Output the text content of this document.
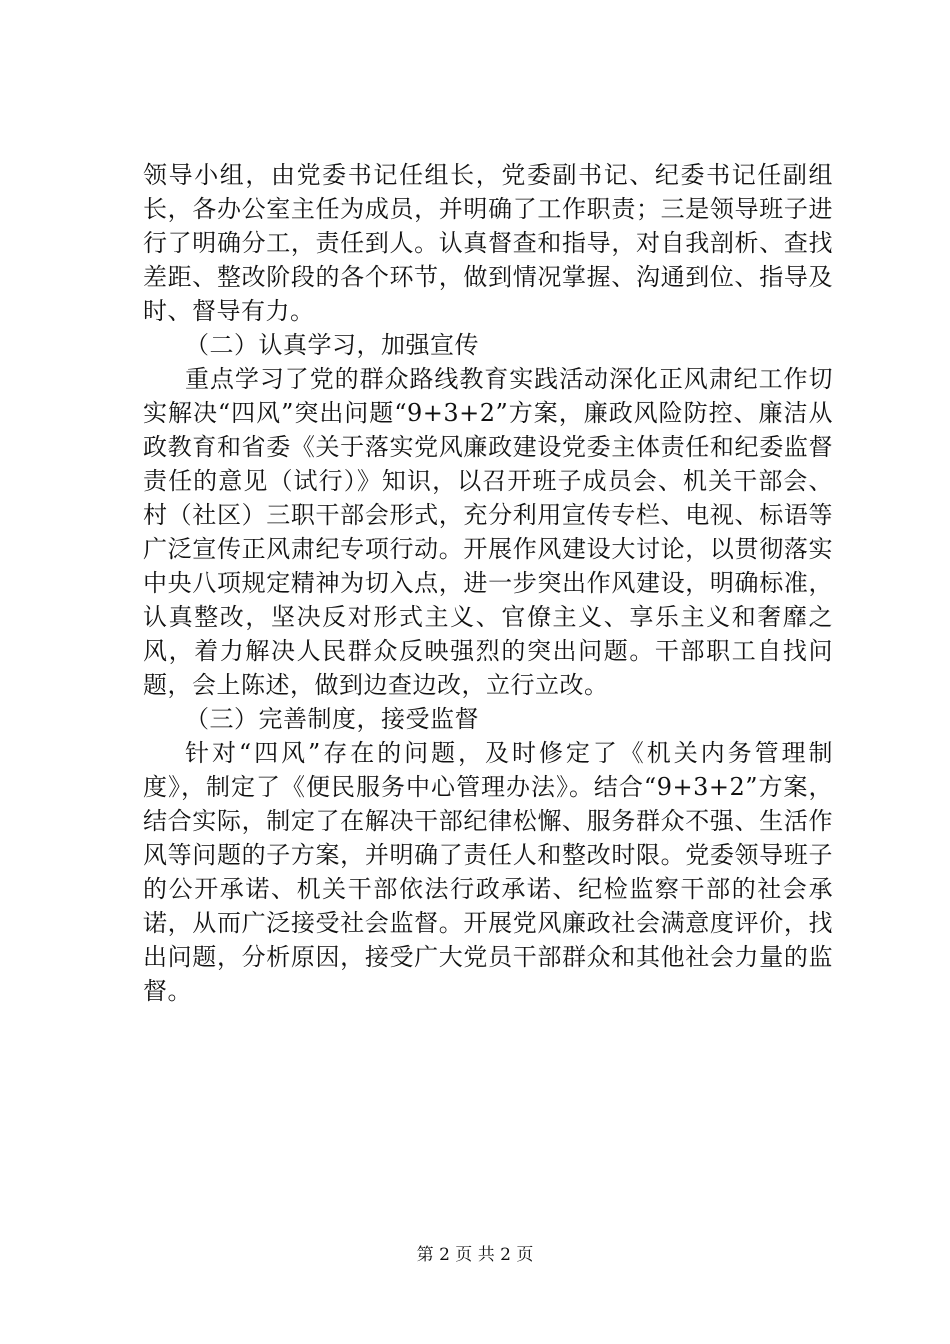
领导小组，由党委书记任组长，党委副书记、纪委书记任副组长，各办公室主任为成员，并明确了工作职责；三是领导班子进行了明确分工，责任到人。认真督查和指导，对自我剖析、查找差距、整改阶段的各个环节，做到情况掌握、沟通到位、指导及时、督导有力。

（二）认真学习，加强宣传

重点学习了党的群众路线教育实践活动深化正风肃纪工作切实解决“四风”突出问题“9+3+2”方案，廉政风险防控、廉洁从政教育和省委《关于落实党风廉政建设党委主体责任和纪委监督责任的意见（试行）》知识，以召开班子成员会、机关干部会、村（社区）三职干部会形式，充分利用宣传专栏、电视、标语等广泛宣传正风肃纪专项行动。开展作风建设大讨论，以贯彻落实中央八项规定精神为切入点，进一步突出作风建设，明确标准，认真整改，坚决反对形式主义、官僚主义、享乐主义和奢靡之风，着力解决人民群众反映强烈的突出问题。干部职工自找问题，会上陈述，做到边查边改，立行立改。

（三）完善制度，接受监督

针对“四风”存在的问题，及时修定了《机关内务管理制度》，制定了《便民服务中心管理办法》。结合“9+3+2”方案，结合实际，制定了在解决干部纪律松懈、服务群众不强、生活作风等问题的子方案，并明确了责任人和整改时限。党委领导班子的公开承诺、机关干部依法行政承诺、纪检监察干部的社会承诺，从而广泛接受社会监督。开展党风廉政社会满意度评价，找出问题，分析原因，接受广大党员干部群众和其他社会力量的监督。

第 2 页 共 2 页
